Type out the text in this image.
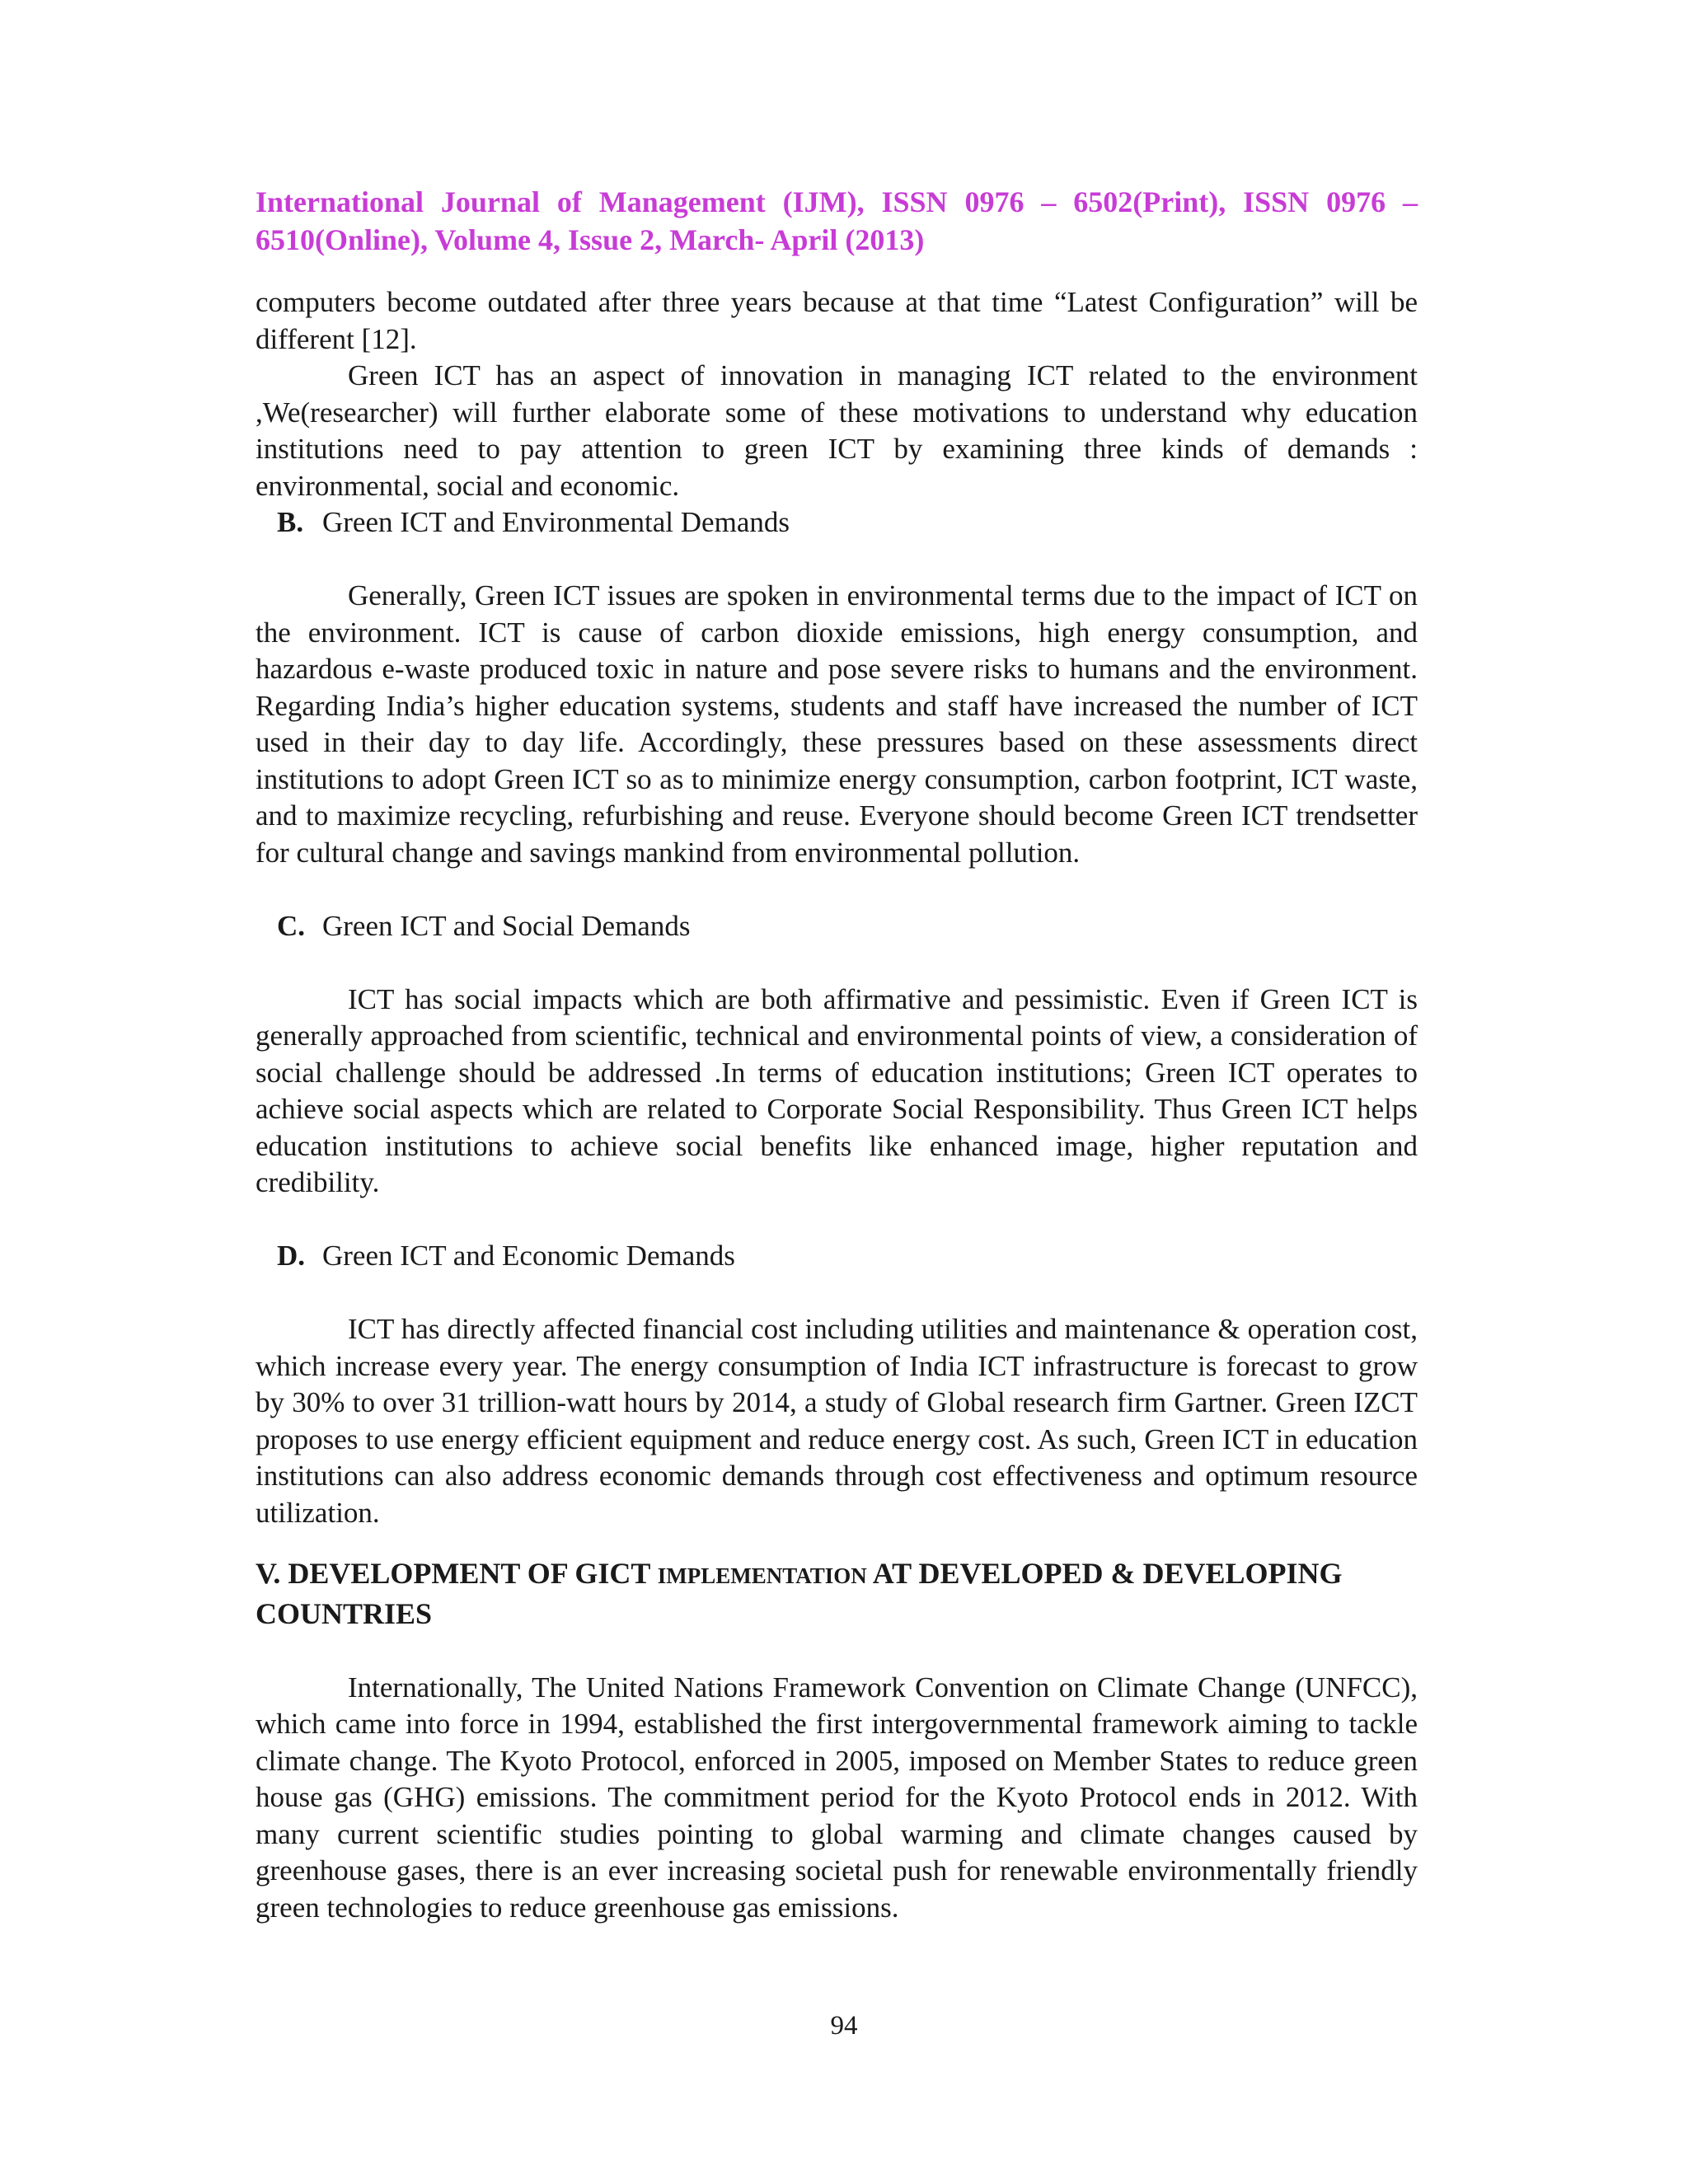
International Journal of Management (IJM), ISSN 0976 – 6502(Print), ISSN 0976 – 6510(Online), Volume 4, Issue 2, March- April (2013)

computers become outdated after three years because at that time “Latest Configuration” will be different [12].

Green ICT has an aspect of innovation in managing ICT related to the environment ,We(researcher) will further elaborate some of these motivations to understand why education institutions need to pay attention to green ICT by examining three kinds of demands : environmental, social and economic.

B. Green ICT and Environmental Demands

Generally, Green ICT issues are spoken in environmental terms due to the impact of ICT on the environment. ICT is cause of carbon dioxide emissions, high energy consumption, and hazardous e-waste produced toxic in nature and pose severe risks to humans and the environment. Regarding India’s higher education systems, students and staff have increased the number of ICT used in their day to day life. Accordingly, these pressures based on these assessments direct institutions to adopt Green ICT so as to minimize energy consumption, carbon footprint, ICT waste, and to maximize recycling, refurbishing and reuse. Everyone should become Green ICT trendsetter for cultural change and savings mankind from environmental pollution.

C. Green ICT and Social Demands

ICT has social impacts which are both affirmative and pessimistic. Even if Green ICT is generally approached from scientific, technical and environmental points of view, a consideration of social challenge should be addressed .In terms of education institutions; Green ICT operates to achieve social aspects which are related to Corporate Social Responsibility. Thus Green ICT helps education institutions to achieve social benefits like enhanced image, higher reputation and credibility.

D. Green ICT and Economic Demands

ICT has directly affected financial cost including utilities and maintenance & operation cost, which increase every year. The energy consumption of India ICT infrastructure is forecast to grow by 30% to over 31 trillion-watt hours by 2014, a study of Global research firm Gartner. Green IZCT proposes to use energy efficient equipment and reduce energy cost. As such, Green ICT in education institutions can also address economic demands through cost effectiveness and optimum resource utilization.

V. DEVELOPMENT OF GICT IMPLEMENTATION AT DEVELOPED & DEVELOPING COUNTRIES

Internationally, The United Nations Framework Convention on Climate Change (UNFCC), which came into force in 1994, established the first intergovernmental framework aiming to tackle climate change. The Kyoto Protocol, enforced in 2005, imposed on Member States to reduce green house gas (GHG) emissions. The commitment period for the Kyoto Protocol ends in 2012. With many current scientific studies pointing to global warming and climate changes caused by greenhouse gases, there is an ever increasing societal push for renewable environmentally friendly green technologies to reduce greenhouse gas emissions.

94
